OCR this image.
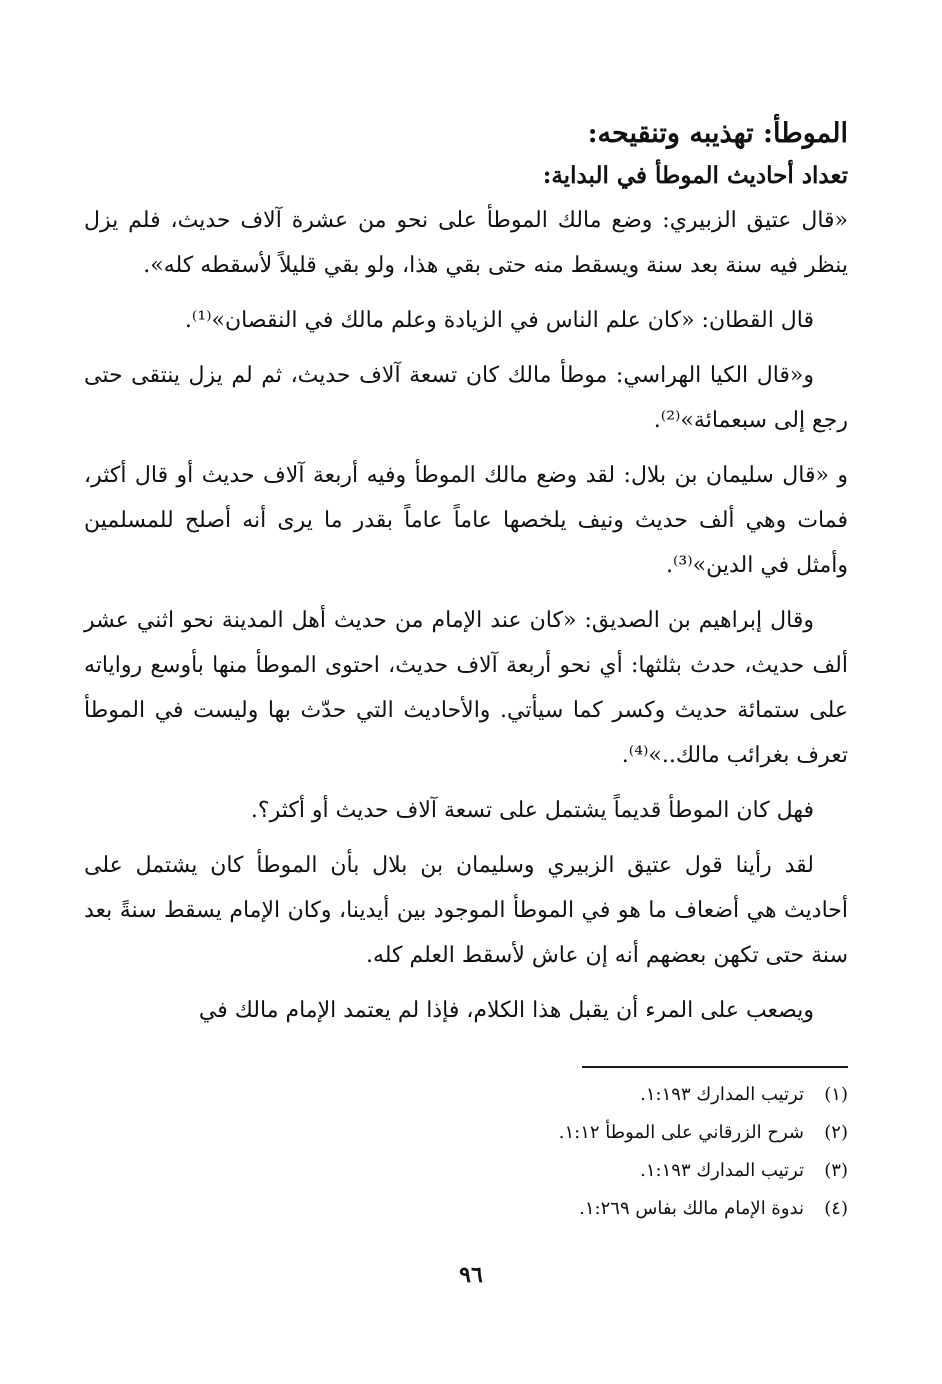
الموطأ: تهذيبه وتنقيحه:
تعداد أحاديث الموطأ في البداية:

«قال عتيق الزبيري: وضع مالك الموطأ على نحو من عشرة آلاف حديث، فلم يزل ينظر فيه سنة بعد سنة ويسقط منه حتى بقي هذا، ولو بقي قليلاً لأسقطه كله».

قال القطان: «كان علم الناس في الزيادة وعلم مالك في النقصان»⁽¹⁾.

و«قال الكيا الهراسي: موطأ مالك كان تسعة آلاف حديث، ثم لم يزل ينتقى حتى رجع إلى سبعمائة»⁽²⁾.

و «قال سليمان بن بلال: لقد وضع مالك الموطأ وفيه أربعة آلاف حديث أو قال أكثر، فمات وهي ألف حديث ونيف يلخصها عاماً عاماً بقدر ما يرى أنه أصلح للمسلمين وأمثل في الدين»⁽³⁾.

وقال إبراهيم بن الصديق: «كان عند الإمام من حديث أهل المدينة نحو اثني عشر ألف حديث، حدث بثلثها: أي نحو أربعة آلاف حديث، احتوى الموطأ منها بأوسع رواياته على ستمائة حديث وكسر كما سيأتي. والأحاديث التي حدّث بها وليست في الموطأ تعرف بغرائب مالك..»⁽⁴⁾.

فهل كان الموطأ قديماً يشتمل على تسعة آلاف حديث أو أكثر؟.

لقد رأينا قول عتيق الزبيري وسليمان بن بلال بأن الموطأ كان يشتمل على أحاديث هي أضعاف ما هو في الموطأ الموجود بين أيدينا، وكان الإمام يسقط سنةً بعد سنة حتى تكهن بعضهم أنه إن عاش لأسقط العلم كله.

ويصعب على المرء أن يقبل هذا الكلام، فإذا لم يعتمد الإمام مالك في

(١)
ترتيب المدارك ١:١٩٣.
(٢)
شرح الزرقاني على الموطأ ١:١٢.
(٣)
ترتيب المدارك ١:١٩٣.
(٤)
ندوة الإمام مالك بفاس ١:٢٦٩.
٩٦
